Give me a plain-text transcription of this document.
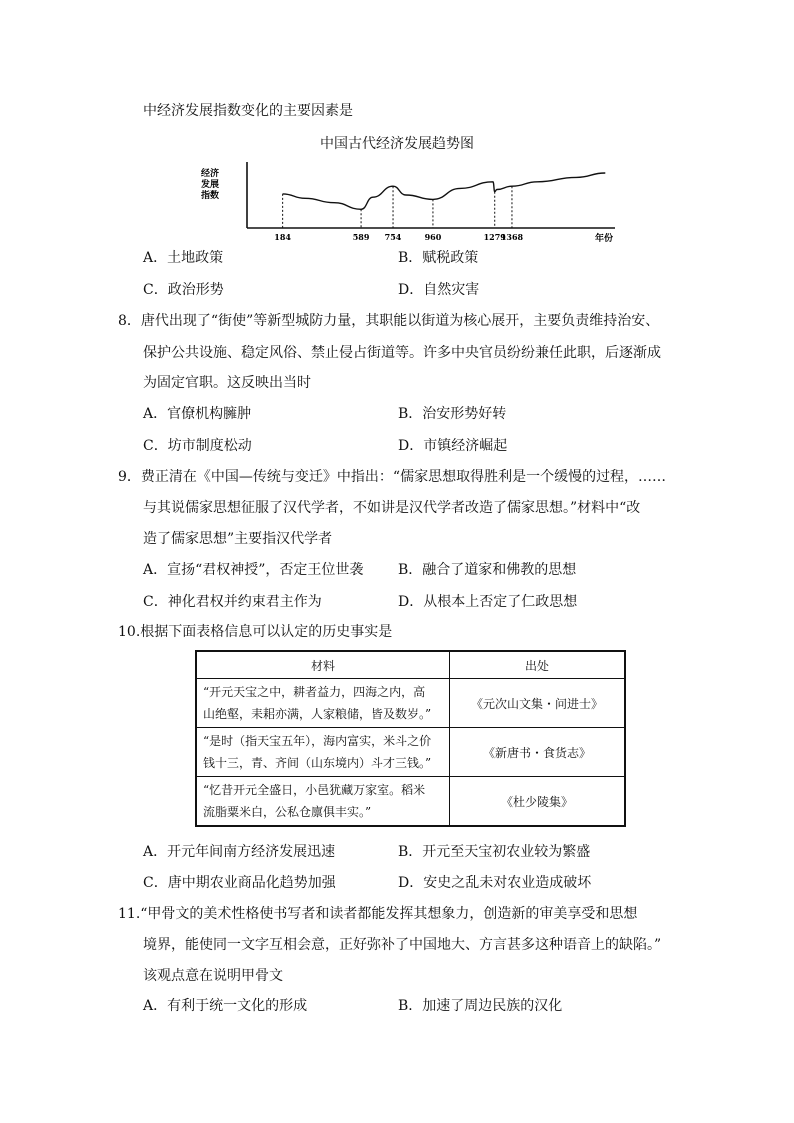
中经济发展指数变化的主要因素是
中国古代经济发展趋势图
经济
发展
指数
184	589 754	960	1279
1368	年份
A．土地政策	B．赋税政策
C．政治形势	D．自然灾害
8．唐代出现了“街使”等新型城防力量，其职能以街道为核心展开，主要负责维持治安、
保护公共设施、稳定风俗、禁止侵占街道等。许多中央官员纷纷兼任此职，后逐渐成
为固定官职。这反映出当时
A．官僚机构臃肿	B．治安形势好转
C．坊市制度松动	D．市镇经济崛起
9．费正清在《中国—传统与变迁》中指出：“儒家思想取得胜利是一个缓慢的过程，……
与其说儒家思想征服了汉代学者，不如讲是汉代学者改造了儒家思想。”材料中“改
造了儒家思想”主要指汉代学者
A．宣扬“君权神授”，否定王位世袭 B．融合了道家和佛教的思想
C．神化君权并约束君主作为	D．从根本上否定了仁政思想
10.根据下面表格信息可以认定的历史事实是
材料	出处

“开元天宝之中，耕者益力，四海之内，高
山绝壑，耒耜亦满，人家粮储，皆及数岁。”	《元次山文集・问进士》

“是时（指天宝五年），海内富实，米斗之价
钱十三，青、齐间（山东境内）斗才三钱。”	《新唐书・食货志》

“忆昔开元全盛日，小邑犹藏万家室。稻米
流脂粟米白，公私仓廪俱丰实。”	《杜少陵集》
A．开元年间南方经济发展迅速	B．开元至天宝初农业较为繁盛
C．唐中期农业商品化趋势加强	D．安史之乱未对农业造成破坏
11.“甲骨文的美术性格使书写者和读者都能发挥其想象力，创造新的审美享受和思想
境界，能使同一文字互相会意，正好弥补了中国地大、方言甚多这种语音上的缺陷。”
该观点意在说明甲骨文
A．有利于统一文化的形成	B．加速了周边民族的汉化
